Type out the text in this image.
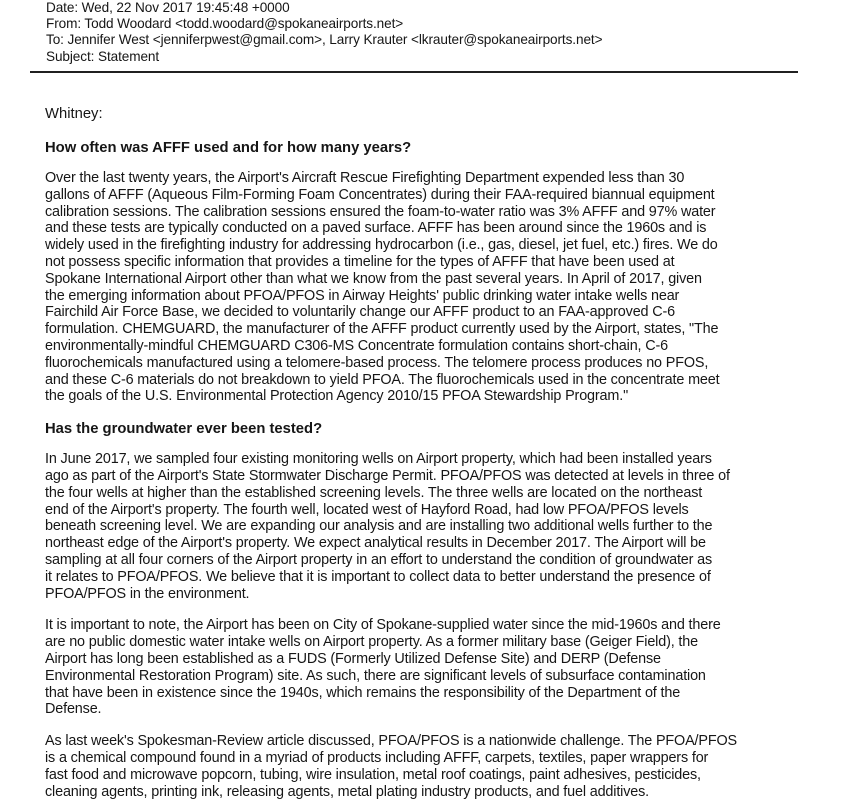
Date: Wed, 22 Nov 2017 19:45:48 +0000
From: Todd Woodard <todd.woodard@spokaneairports.net>
To: Jennifer West <jenniferpwest@gmail.com>, Larry Krauter <lkrauter@spokaneairports.net>
Subject: Statement
Whitney:
How often was AFFF used and for how many years?
Over the last twenty years, the Airport's Aircraft Rescue Firefighting Department expended less than 30
gallons of AFFF (Aqueous Film-Forming Foam Concentrates) during their FAA-required biannual equipment
calibration sessions. The calibration sessions ensured the foam-to-water ratio was 3% AFFF and 97% water
and these tests are typically conducted on a paved surface. AFFF has been around since the 1960s and is
widely used in the firefighting industry for addressing hydrocarbon (i.e., gas, diesel, jet fuel, etc.) fires. We do
not possess specific information that provides a timeline for the types of AFFF that have been used at
Spokane International Airport other than what we know from the past several years. In April of 2017, given
the emerging information about PFOA/PFOS in Airway Heights' public drinking water intake wells near
Fairchild Air Force Base, we decided to voluntarily change our AFFF product to an FAA-approved C-6
formulation. CHEMGUARD, the manufacturer of the AFFF product currently used by the Airport, states, "The
environmentally-mindful CHEMGUARD C306-MS Concentrate formulation contains short-chain, C-6
fluorochemicals manufactured using a telomere-based process. The telomere process produces no PFOS,
and these C-6 materials do not breakdown to yield PFOA. The fluorochemicals used in the concentrate meet
the goals of the U.S. Environmental Protection Agency 2010/15 PFOA Stewardship Program."
Has the groundwater ever been tested?
In June 2017, we sampled four existing monitoring wells on Airport property, which had been installed years
ago as part of the Airport's State Stormwater Discharge Permit. PFOA/PFOS was detected at levels in three of
the four wells at higher than the established screening levels. The three wells are located on the northeast
end of the Airport's property. The fourth well, located west of Hayford Road, had low PFOA/PFOS levels
beneath screening level. We are expanding our analysis and are installing two additional wells further to the
northeast edge of the Airport's property. We expect analytical results in December 2017. The Airport will be
sampling at all four corners of the Airport property in an effort to understand the condition of groundwater as
it relates to PFOA/PFOS. We believe that it is important to collect data to better understand the presence of
PFOA/PFOS in the environment.
It is important to note, the Airport has been on City of Spokane-supplied water since the mid-1960s and there
are no public domestic water intake wells on Airport property. As a former military base (Geiger Field), the
Airport has long been established as a FUDS (Formerly Utilized Defense Site) and DERP (Defense
Environmental Restoration Program) site. As such, there are significant levels of subsurface contamination
that have been in existence since the 1940s, which remains the responsibility of the Department of the
Defense.
As last week's Spokesman-Review article discussed, PFOA/PFOS is a nationwide challenge. The PFOA/PFOS
is a chemical compound found in a myriad of products including AFFF, carpets, textiles, paper wrappers for
fast food and microwave popcorn, tubing, wire insulation, metal roof coatings, paint adhesives, pesticides,
cleaning agents, printing ink, releasing agents, metal plating industry products, and fuel additives.
